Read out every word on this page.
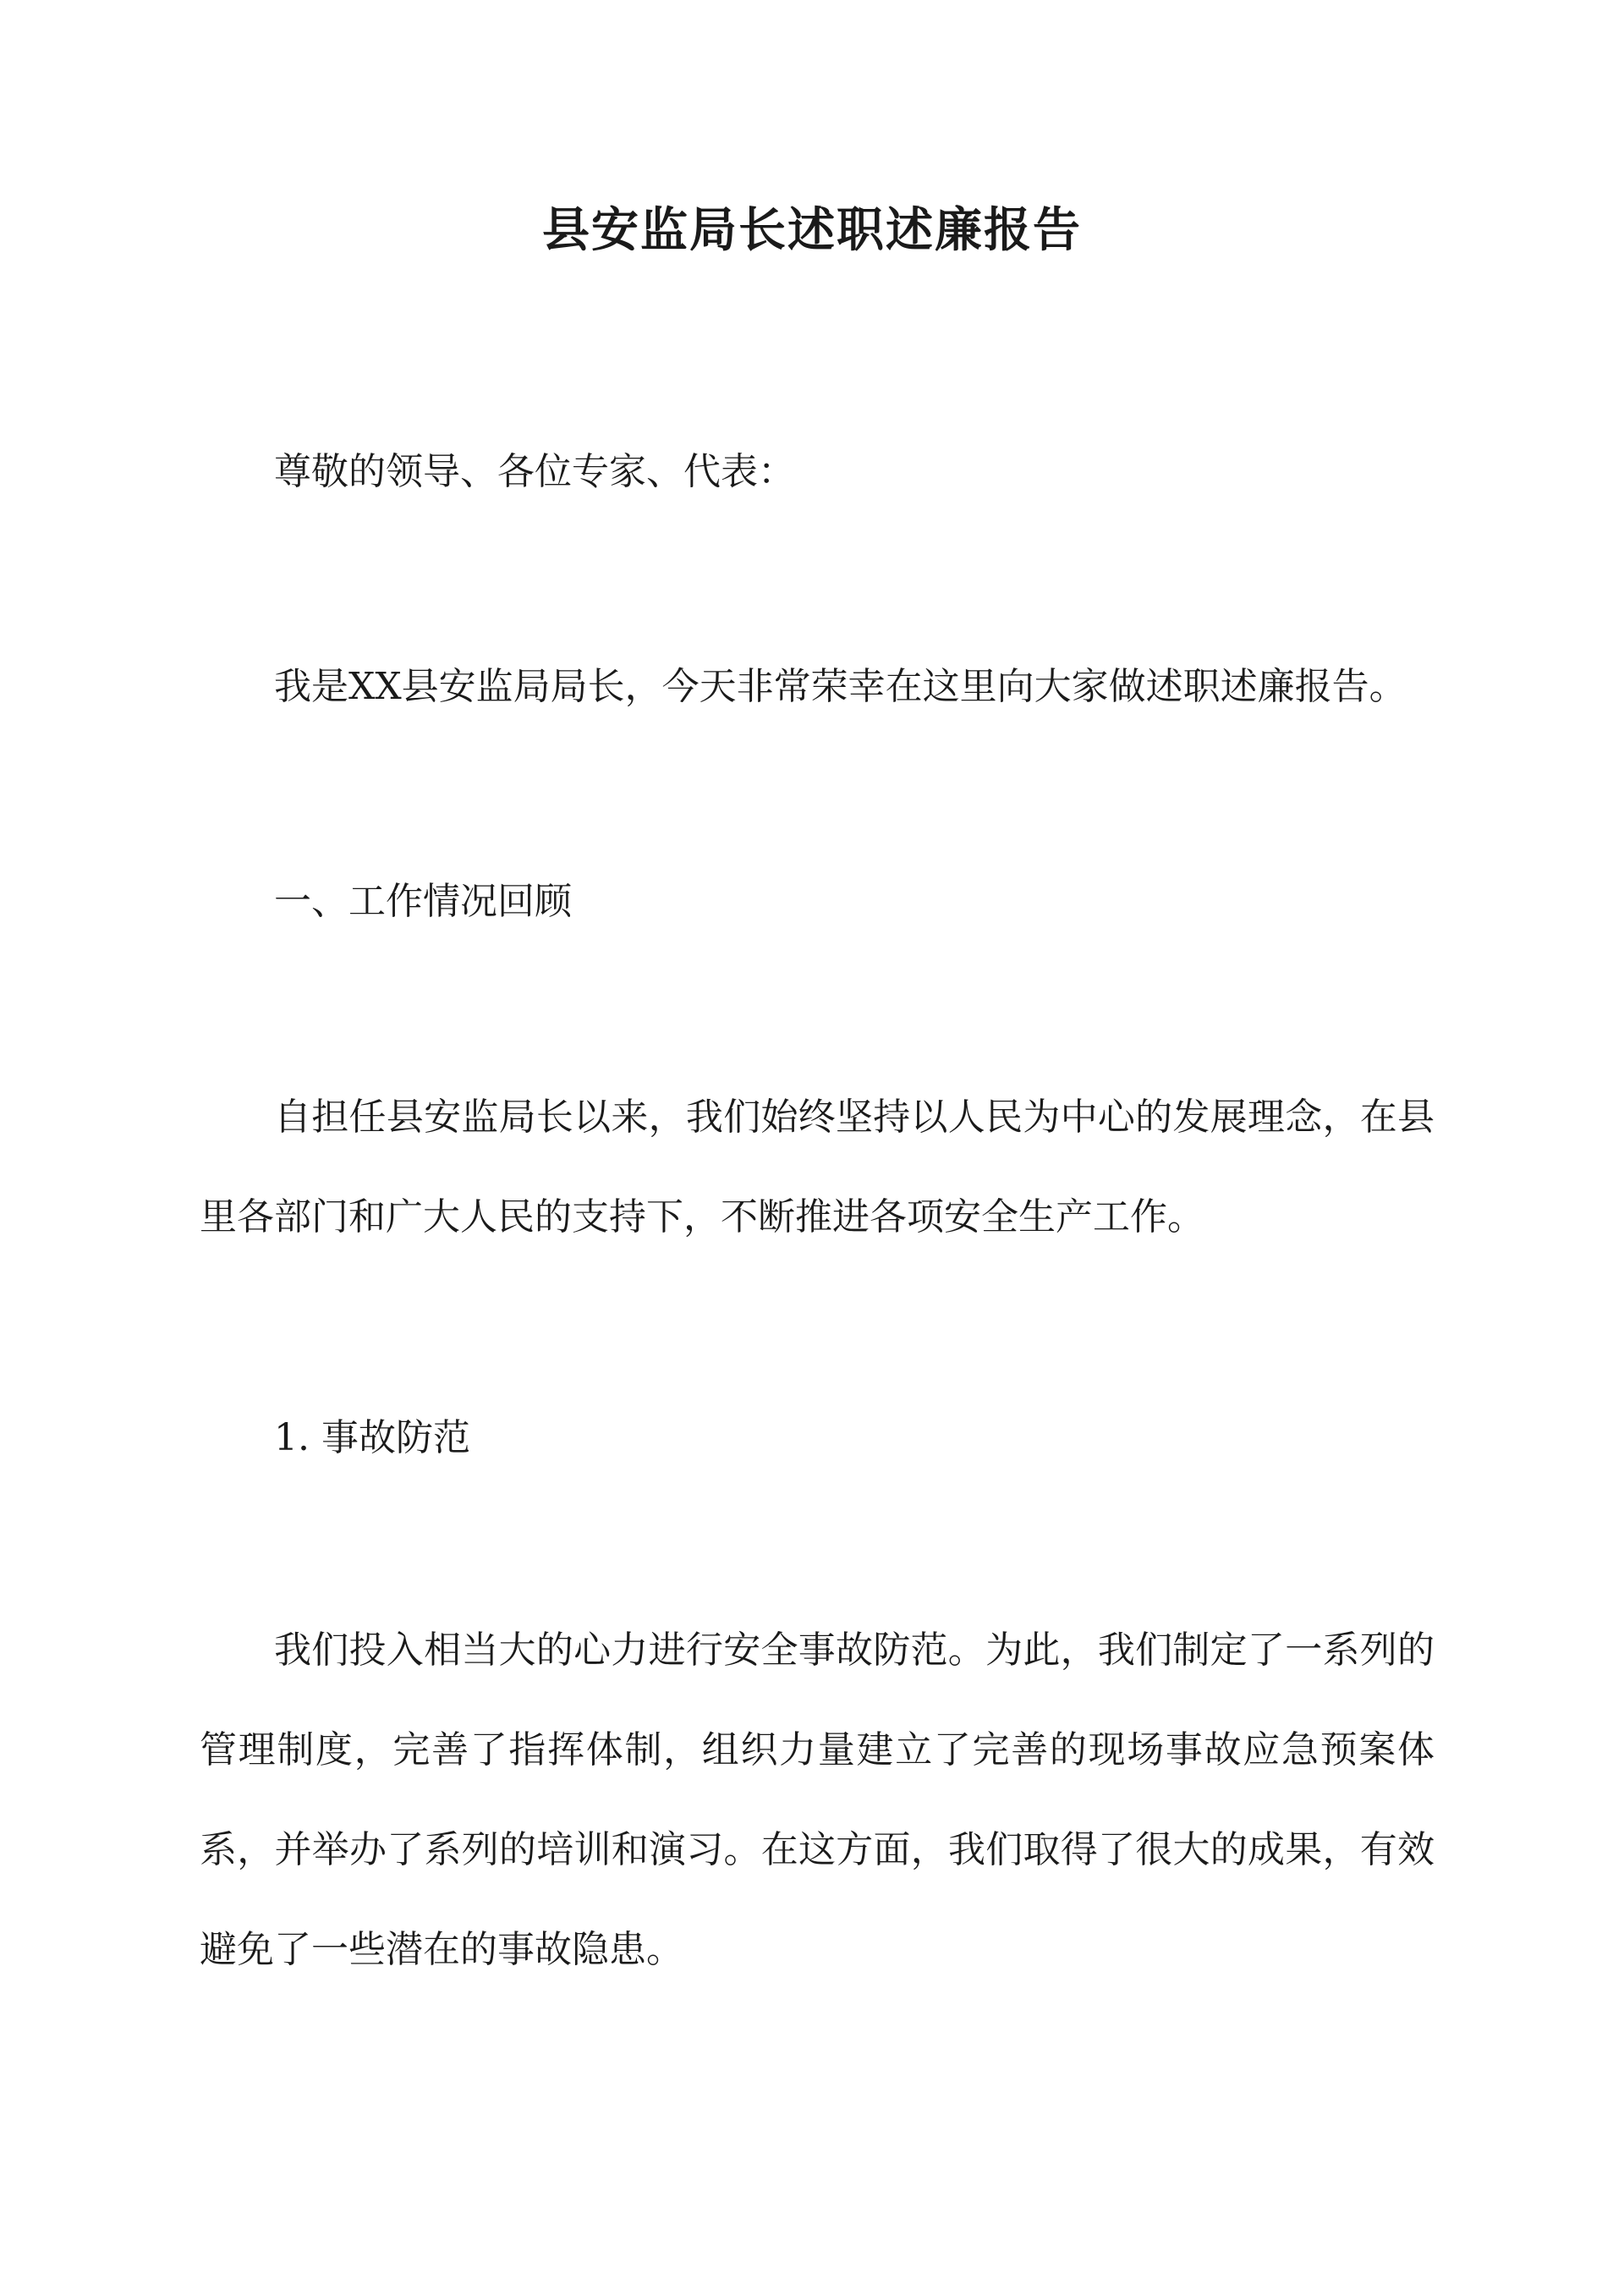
县安监局长述职述廉报告

尊敬的领导、各位专家、代表：

我是XX县安监局局长，今天非常荣幸在这里向大家做述职述廉报告。

一、工作情况回顾

自担任县安监局长以来，我们始终坚持以人民为中心的发展理念，在县里各部门和广大人民的支持下，不断推进各项安全生产工作。

1. 事故防范

我们投入相当大的心力进行安全事故防范。为此，我们制定了一系列的管理制度，完善了指挥体制，组织力量建立了完善的现场事故应急预案体系，并举办了系列的培训和演习。在这方面，我们取得了很大的成果，有效避免了一些潜在的事故隐患。
